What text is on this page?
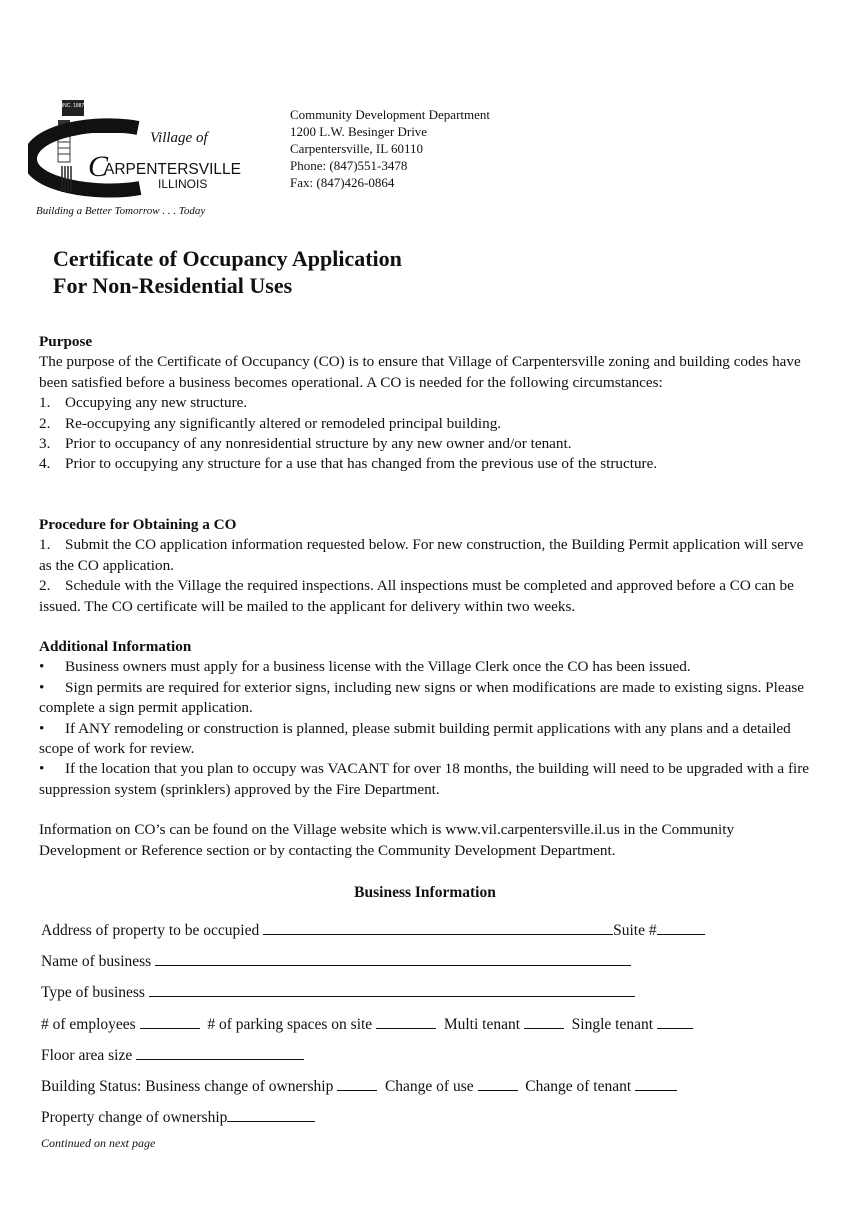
INC. 1887
Village of
C
ARPENTERSVILLE
ILLINOIS
Building a Better Tomorrow . . . Today
Community Development Department
1200 L.W. Besinger Drive
Carpentersville, IL 60110
Phone: (847)551-3478
Fax: (847)426-0864
Certificate of Occupancy Application
For Non-Residential Uses

Purpose

The purpose of the Certificate of Occupancy (CO) is to ensure that Village of Carpentersville zoning and building codes have been satisfied before a business becomes operational. A CO is needed for the following circumstances:

1. Occupying any new structure.
2. Re-occupying any significantly altered or remodeled principal building.
3. Prior to occupancy of any nonresidential structure by any new owner and/or tenant.
4. Prior to occupying any structure for a use that has changed from the previous use of the structure.

Procedure for Obtaining a CO

1. Submit the CO application information requested below. For new construction, the Building Permit application will serve as the CO application.

2. Schedule with the Village the required inspections. All inspections must be completed and approved before a CO can be issued. The CO certificate will be mailed to the applicant for delivery within two weeks.

Additional Information

• Business owners must apply for a business license with the Village Clerk once the CO has been issued.

• Sign permits are required for exterior signs, including new signs or when modifications are made to existing signs. Please complete a sign permit application.

• If ANY remodeling or construction is planned, please submit building permit applications with any plans and a detailed scope of work for review.

• If the location that you plan to occupy was VACANT for over 18 months, the building will need to be upgraded with a fire suppression system (sprinklers) approved by the Fire Department.

Information on CO’s can be found on the Village website which is www.vil.carpentersville.il.us in the Community Development or Reference section or by contacting the Community Development Department.

Business Information
Address of property to be occupied	Suite #
Name of business
Type of business
# of employees	# of parking spaces on site	Multi tenant	Single tenant
Floor area size
Building Status: Business change of ownership	Change of use	Change of tenant
Property change of ownership
Continued on next page
